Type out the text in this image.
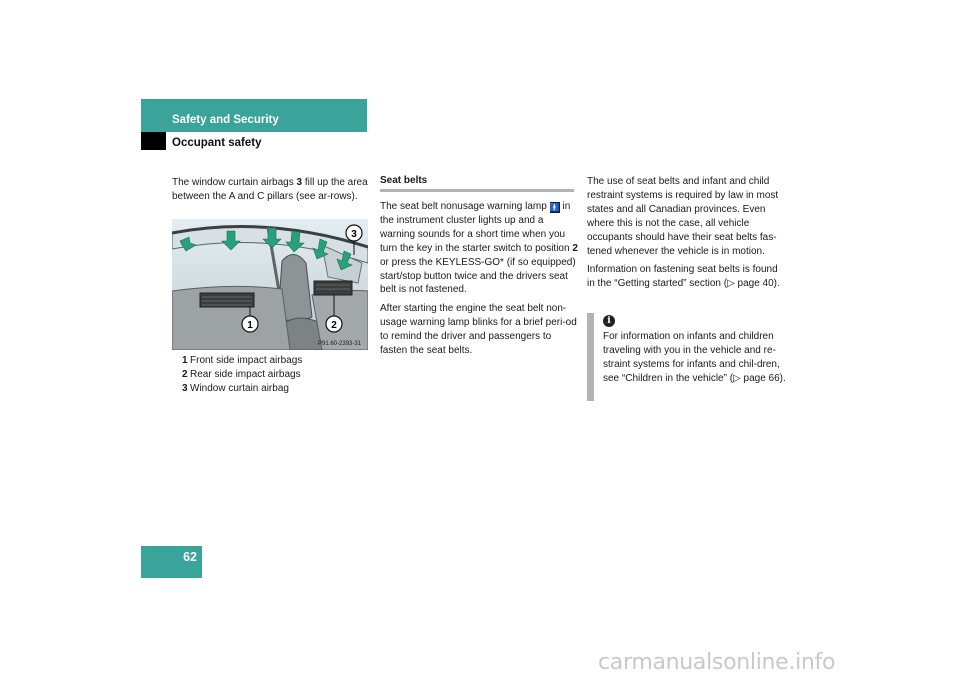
Safety and Security
Occupant safety
The window curtain airbags 3 fill up the area between the A and C pillars (see ar-rows).
1	2
3
P91.60-2393-31
1 Front side impact airbags
2 Rear side impact airbags
3 Window curtain airbag
Seat belts

The seat belt nonusage warning lamp 🚹 in the instrument cluster lights up and a warning sounds for a short time when you turn the key in the starter switch to position 2 or press the KEYLESS-GO* (if so equipped) start/stop button twice and the drivers seat belt is not fastened.

After starting the engine the seat belt non-usage warning lamp blinks for a brief peri-od to remind the driver and passengers to fasten the seat belts.

The use of seat belts and infant and child restraint systems is required by law in most states and all Canadian provinces. Even where this is not the case, all vehicle occupants should have their seat belts fas-tened whenever the vehicle is in motion.

Information on fastening seat belts is found in the “Getting started” section (▷ page 40).

i
For information on infants and children traveling with you in the vehicle and re-straint systems for infants and chil-dren, see “Children in the vehicle” (▷ page 66).
62
carmanualsonline.info
